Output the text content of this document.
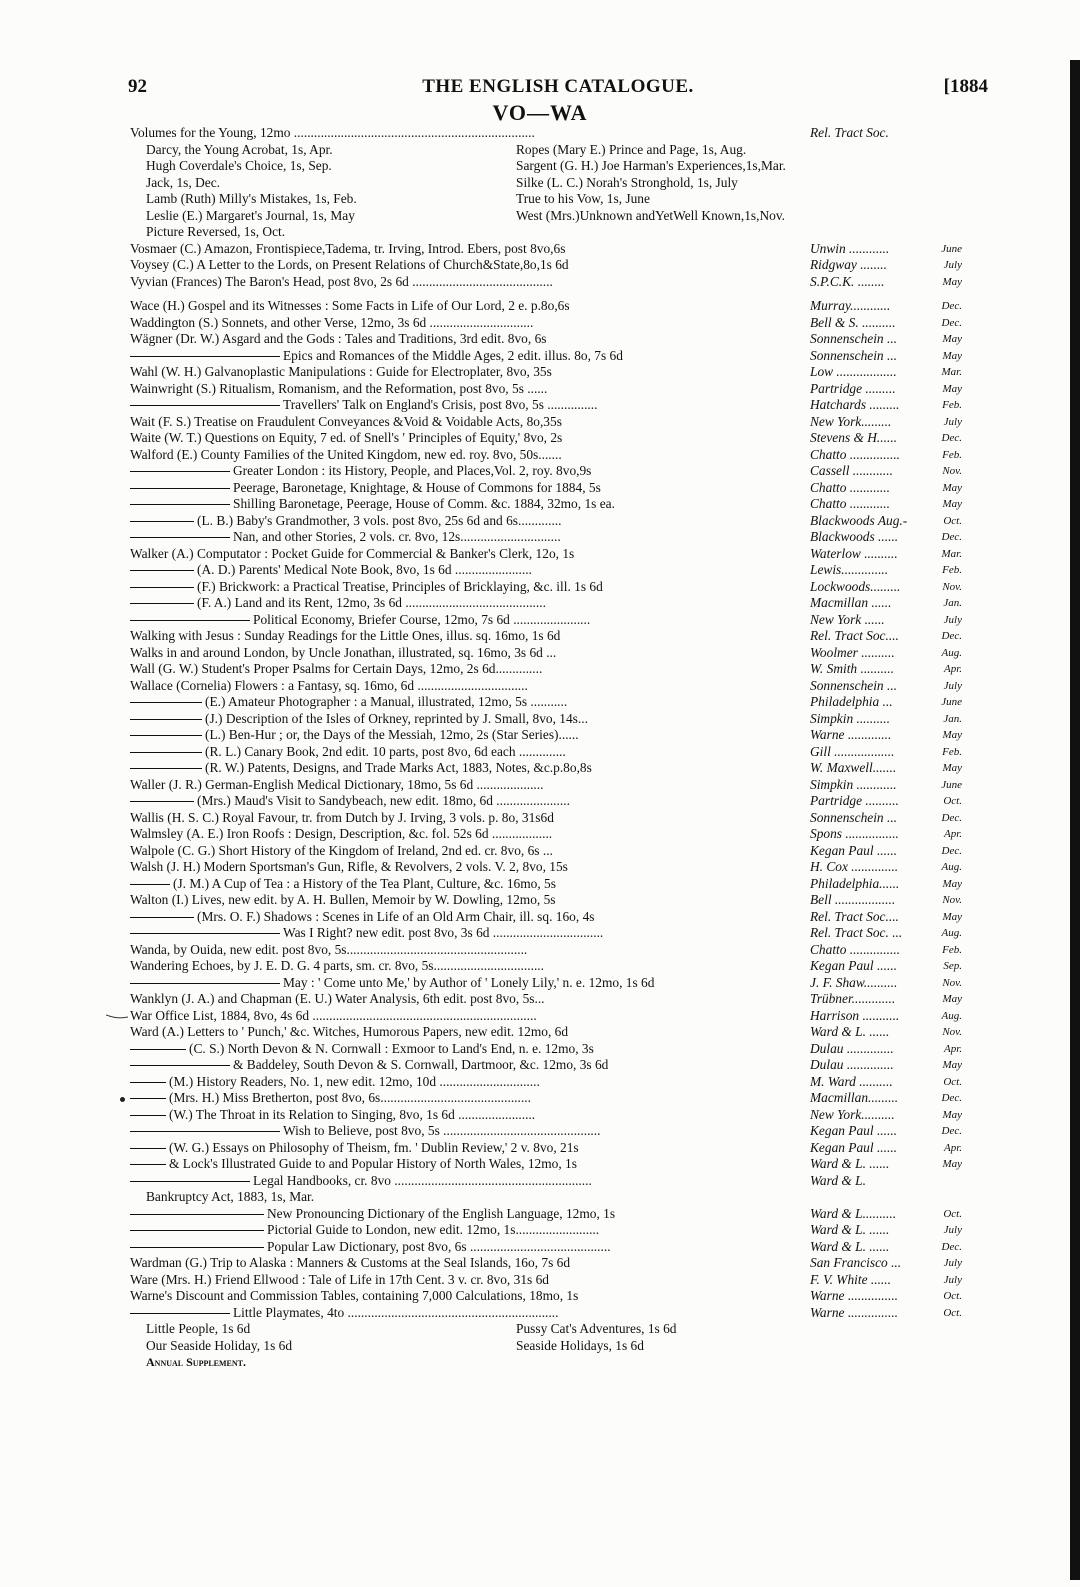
92	THE ENGLISH CATALOGUE.	[1884
VO—WA
Volumes for the Young, 12mo ........................................................................	Rel. Tract Soc.
Darcy, the Young Acrobat, 1s, Apr.	Ropes (Mary E.) Prince and Page, 1s, Aug.
Hugh Coverdale's Choice, 1s, Sep.	Sargent (G. H.) Joe Harman's Experiences,1s,Mar.
Jack, 1s, Dec.	Silke (L. C.) Norah's Stronghold, 1s, July
Lamb (Ruth) Milly's Mistakes, 1s, Feb.	True to his Vow, 1s, June
Leslie (E.) Margaret's Journal, 1s, May	West (Mrs.)Unknown andYetWell Known,1s,Nov.
Picture Reversed, 1s, Oct.
Vosmaer (C.) Amazon, Frontispiece,Tadema, tr. Irving, Introd. Ebers, post 8vo,6s	Unwin ............	June
Voysey (C.) A Letter to the Lords, on Present Relations of Church&State,8o,1s 6d	Ridgway ........	July
Vyvian (Frances) The Baron's Head, post 8vo, 2s 6d ..........................................	S.P.C.K. ........	May
Wace (H.) Gospel and its Witnesses : Some Facts in Life of Our Lord, 2 e. p.8o,6s	Murray............	Dec.
Waddington (S.) Sonnets, and other Verse, 12mo, 3s 6d ...............................	Bell & S. ..........	Dec.
Wägner (Dr. W.) Asgard and the Gods : Tales and Traditions, 3rd edit. 8vo, 6s	Sonnenschein ...	May
Epics and Romances of the Middle Ages, 2 edit. illus. 8o, 7s 6d	Sonnenschein ...	May
Wahl (W. H.) Galvanoplastic Manipulations : Guide for Electroplater, 8vo, 35s	Low ..................	Mar.
Wainwright (S.) Ritualism, Romanism, and the Reformation, post 8vo, 5s ......	Partridge .........	May
Travellers' Talk on England's Crisis, post 8vo, 5s ...............	Hatchards .........	Feb.
Wait (F. S.) Treatise on Fraudulent Conveyances &Void & Voidable Acts, 8o,35s	New York.........	July
Waite (W. T.) Questions on Equity, 7 ed. of Snell's ' Principles of Equity,' 8vo, 2s	Stevens & H......	Dec.
Walford (E.) County Families of the United Kingdom, new ed. roy. 8vo, 50s.......	Chatto ...............	Feb.
Greater London : its History, People, and Places,Vol. 2, roy. 8vo,9s	Cassell ............	Nov.
Peerage, Baronetage, Knightage, & House of Commons for 1884, 5s	Chatto ............	May
Shilling Baronetage, Peerage, House of Comm. &c. 1884, 32mo, 1s ea.	Chatto ............	May
(L. B.) Baby's Grandmother, 3 vols. post 8vo, 25s 6d and 6s.............	Blackwoods Aug.-	Oct.
Nan, and other Stories, 2 vols. cr. 8vo, 12s..............................	Blackwoods ......	Dec.
Walker (A.) Computator : Pocket Guide for Commercial & Banker's Clerk, 12o, 1s	Waterlow ..........	Mar.
(A. D.) Parents' Medical Note Book, 8vo, 1s 6d .......................	Lewis..............	Feb.
(F.) Brickwork: a Practical Treatise, Principles of Bricklaying, &c. ill. 1s 6d	Lockwoods.........	Nov.
(F. A.) Land and its Rent, 12mo, 3s 6d ..........................................	Macmillan ......	Jan.
Political Economy, Briefer Course, 12mo, 7s 6d .......................	New York ......	July
Walking with Jesus : Sunday Readings for the Little Ones, illus. sq. 16mo, 1s 6d	Rel. Tract Soc....	Dec.
Walks in and around London, by Uncle Jonathan, illustrated, sq. 16mo, 3s 6d ...	Woolmer ..........	Aug.
Wall (G. W.) Student's Proper Psalms for Certain Days, 12mo, 2s 6d..............	W. Smith ..........	Apr.
Wallace (Cornelia) Flowers : a Fantasy, sq. 16mo, 6d .................................	Sonnenschein ...	July
(E.) Amateur Photographer : a Manual, illustrated, 12mo, 5s ...........	Philadelphia ...	June
(J.) Description of the Isles of Orkney, reprinted by J. Small, 8vo, 14s...	Simpkin ..........	Jan.
(L.) Ben-Hur ; or, the Days of the Messiah, 12mo, 2s (Star Series)......	Warne .............	May
(R. L.) Canary Book, 2nd edit. 10 parts, post 8vo, 6d each ..............	Gill ..................	Feb.
(R. W.) Patents, Designs, and Trade Marks Act, 1883, Notes, &c.p.8o,8s	W. Maxwell.......	May
Waller (J. R.) German-English Medical Dictionary, 18mo, 5s 6d ....................	Simpkin ............	June
(Mrs.) Maud's Visit to Sandybeach, new edit. 18mo, 6d ......................	Partridge ..........	Oct.
Wallis (H. S. C.) Royal Favour, tr. from Dutch by J. Irving, 3 vols. p. 8o, 31s6d	Sonnenschein ...	Dec.
Walmsley (A. E.) Iron Roofs : Design, Description, &c. fol. 52s 6d ..................	Spons ................	Apr.
Walpole (C. G.) Short History of the Kingdom of Ireland, 2nd ed. cr. 8vo, 6s ...	Kegan Paul ......	Dec.
Walsh (J. H.) Modern Sportsman's Gun, Rifle, & Revolvers, 2 vols. V. 2, 8vo, 15s	H. Cox ..............	Aug.
(J. M.) A Cup of Tea : a History of the Tea Plant, Culture, &c. 16mo, 5s	Philadelphia......	May
Walton (I.) Lives, new edit. by A. H. Bullen, Memoir by W. Dowling, 12mo, 5s	Bell ..................	Nov.
(Mrs. O. F.) Shadows : Scenes in Life of an Old Arm Chair, ill. sq. 16o, 4s	Rel. Tract Soc....	May
Was I Right? new edit. post 8vo, 3s 6d .................................	Rel. Tract Soc. ...	Aug.
Wanda, by Ouida, new edit. post 8vo, 5s......................................................	Chatto ...............	Feb.
Wandering Echoes, by J. E. D. G. 4 parts, sm. cr. 8vo, 5s.................................	Kegan Paul ......	Sep.
May : ' Come unto Me,' by Author of ' Lonely Lily,' n. e. 12mo, 1s 6d	J. F. Shaw..........	Nov.
Wanklyn (J. A.) and Chapman (E. U.) Water Analysis, 6th edit. post 8vo, 5s...	Trübner.............	May
War Office List, 1884, 8vo, 4s 6d ...................................................................	Harrison ...........	Aug.
Ward (A.) Letters to ' Punch,' &c. Witches, Humorous Papers, new edit. 12mo, 6d	Ward & L. ......	Nov.
(C. S.) North Devon & N. Cornwall : Exmoor to Land's End, n. e. 12mo, 3s	Dulau ..............	Apr.
& Baddeley, South Devon & S. Cornwall, Dartmoor, &c. 12mo, 3s 6d	Dulau ..............	May
(M.) History Readers, No. 1, new edit. 12mo, 10d ..............................	M. Ward ..........	Oct.
(Mrs. H.) Miss Bretherton, post 8vo, 6s.............................................	Macmillan.........	Dec.
(W.) The Throat in its Relation to Singing, 8vo, 1s 6d .......................	New York..........	May
Wish to Believe, post 8vo, 5s ...............................................	Kegan Paul ......	Dec.
(W. G.) Essays on Philosophy of Theism, fm. ' Dublin Review,' 2 v. 8vo, 21s	Kegan Paul ......	Apr.
& Lock's Illustrated Guide to and Popular History of North Wales, 12mo, 1s	Ward & L. ......	May
Legal Handbooks, cr. 8vo ...........................................................	Ward & L.
Bankruptcy Act, 1883, 1s, Mar.
New Pronouncing Dictionary of the English Language, 12mo, 1s	Ward & L..........	Oct.
Pictorial Guide to London, new edit. 12mo, 1s.........................	Ward & L. ......	July
Popular Law Dictionary, post 8vo, 6s ..........................................	Ward & L. ......	Dec.
Wardman (G.) Trip to Alaska : Manners & Customs at the Seal Islands, 16o, 7s 6d	San Francisco ...	July
Ware (Mrs. H.) Friend Ellwood : Tale of Life in 17th Cent. 3 v. cr. 8vo, 31s 6d	F. V. White ......	July
Warne's Discount and Commission Tables, containing 7,000 Calculations, 18mo, 1s	Warne ...............	Oct.
Little Playmates, 4to ...............................................................	Warne ...............	Oct.
Little People, 1s 6d	Pussy Cat's Adventures, 1s 6d
Our Seaside Holiday, 1s 6d	Seaside Holidays, 1s 6d
Annual Supplement.
